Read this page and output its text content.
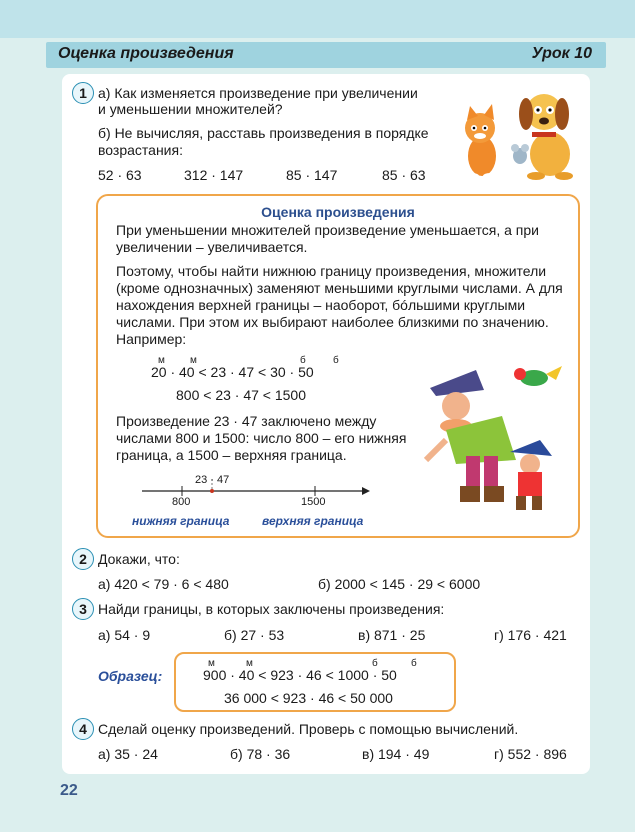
Оценка произведения	Урок 10
1 а) Как изменяется произведение при увеличении
и уменьшении множителей?
б) Не вычисляя, расставь произведения в порядке
возрастания:
52 · 63	312 · 147	85 · 147	85 · 63
Оценка произведения
При уменьшении множителей произведение уменьшается, а при
увеличении – увеличивается.
Поэтому, чтобы найти нижнюю границу произведения, множители
(кроме однозначных) заменяют меньшими круглыми числами. А для
нахождения верхней границы – наоборот, бóльшими круглыми
числами. При этом их выбирают наиболее близкими по значению.
Например:
м	м	б	б
20 · 40 < 23 · 47 < 30 · 50
800 < 23 · 47 < 1500
Произведение 23 · 47 заключено между
числами 800 и 1500: число 800 – его нижняя
граница, а 1500 – верхняя граница.
23 · 47
800	1500
нижняя граница	верхняя граница
2 Докажи, что:
а) 420 < 79 · 6 < 480	б) 2000 < 145 · 29 < 6000
3 Найди границы, в которых заключены произведения:
а) 54 · 9	б) 27 · 53	в) 871 · 25	г) 176 · 421
Образец:
м	м	б	б
900 · 40 < 923 · 46 < 1000 · 50
36 000 < 923 · 46 < 50 000
4 Сделай оценку произведений. Проверь с помощью вычислений.
а) 35 · 24	б) 78 · 36	в) 194 · 49	г) 552 · 896
22
